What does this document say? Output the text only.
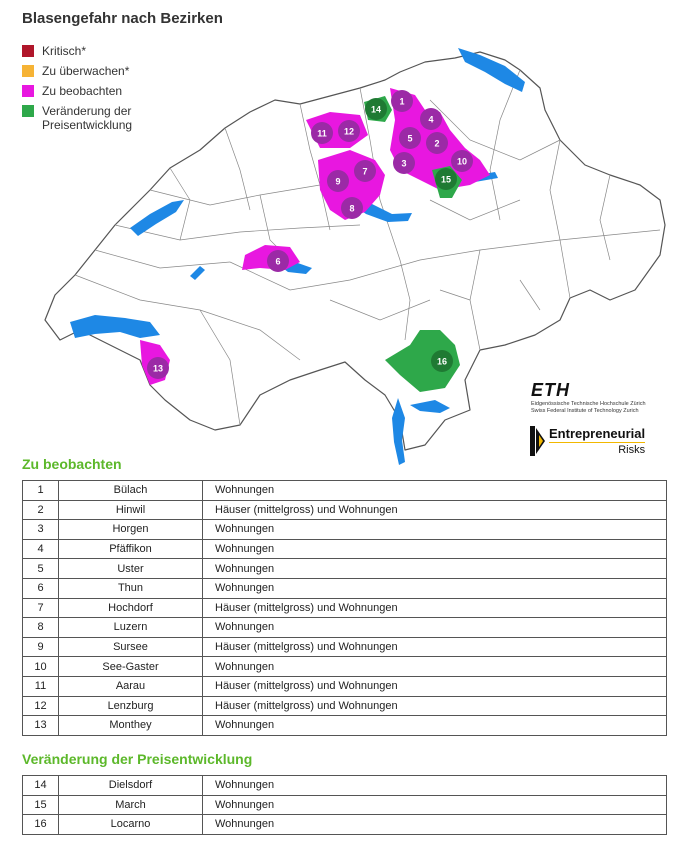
1
2
3
4
5
6
7
8
9
10
11 12
13
14
15
16
Blasengefahr nach Bezirken
Kritisch*
Zu überwachen*
Zu beobachten
Veränderung der Preisentwicklung
ETH
Eidgenössische Technische Hochschule Zürich
Swiss Federal Institute of Technology Zurich
Entrepreneurial
Risks
Zu beobachten
1	Bülach	Wohnungen
2	Hinwil	Häuser (mittelgross) und Wohnungen
3	Horgen	Wohnungen
4	Pfäffikon	Wohnungen
5	Uster	Wohnungen
6	Thun	Wohnungen
7	Hochdorf	Häuser (mittelgross) und Wohnungen
8	Luzern	Wohnungen
9	Sursee	Häuser (mittelgross) und Wohnungen
10	See-Gaster	Wohnungen
11	Aarau	Häuser (mittelgross) und Wohnungen
12	Lenzburg	Häuser (mittelgross) und Wohnungen
13	Monthey	Wohnungen
Veränderung der Preisentwicklung
14	Dielsdorf	Wohnungen
15	March	Wohnungen
16	Locarno	Wohnungen
